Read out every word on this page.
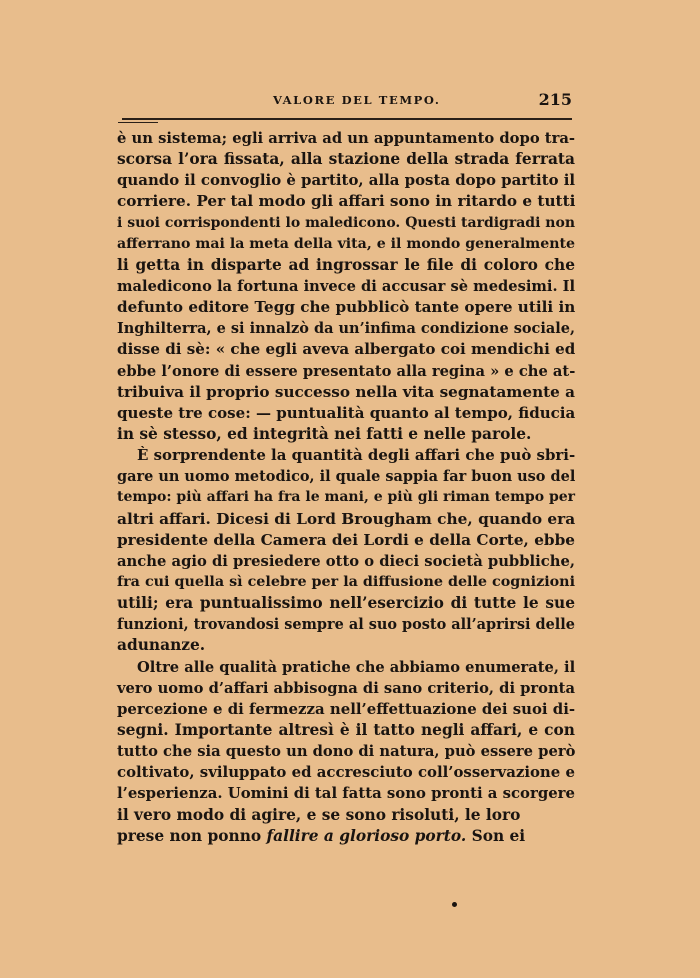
VALORE DEL TEMPO.	215
è un sistema; egli arriva ad un appuntamento dopo tra-
scorsa l’ora fissata, alla stazione della strada ferrata
quando il convoglio è partito, alla posta dopo partito il
corriere. Per tal modo gli affari sono in ritardo e tutti
i suoi corrispondenti lo maledicono. Questi tardigradi non
afferrano mai la meta della vita, e il mondo generalmente
li getta in disparte ad ingrossar le file di coloro che
maledicono la fortuna invece di accusar sè medesimi. Il
defunto editore Tegg che pubblicò tante opere utili in
Inghilterra, e si innalzò da un’infima condizione sociale,
disse di sè: « che egli aveva albergato coi mendichi ed
ebbe l’onore di essere presentato alla regina » e che at-
tribuiva il proprio successo nella vita segnatamente a
queste tre cose: — puntualità quanto al tempo, fiducia
in sè stesso, ed integrità nei fatti e nelle parole.
È sorprendente la quantità degli affari che può sbri-
gare un uomo metodico, il quale sappia far buon uso del
tempo: più affari ha fra le mani, e più gli riman tempo per
altri affari. Dicesi di Lord Brougham che, quando era
presidente della Camera dei Lordi e della Corte, ebbe
anche agio di presiedere otto o dieci società pubbliche,
fra cui quella sì celebre per la diffusione delle cognizioni
utili; era puntualissimo nell’esercizio di tutte le sue
funzioni, trovandosi sempre al suo posto all’aprirsi delle
adunanze.
Oltre alle qualità pratiche che abbiamo enumerate, il
vero uomo d’affari abbisogna di sano criterio, di pronta
percezione e di fermezza nell’effettuazione dei suoi di-
segni. Importante altresì è il tatto negli affari, e con
tutto che sia questo un dono di natura, può essere però
coltivato, sviluppato ed accresciuto coll’osservazione e
l’esperienza. Uomini di tal fatta sono pronti a scorgere
il vero modo di agire, e se sono risoluti, le loro
prese non ponno fallire a glorioso porto. Son ei
